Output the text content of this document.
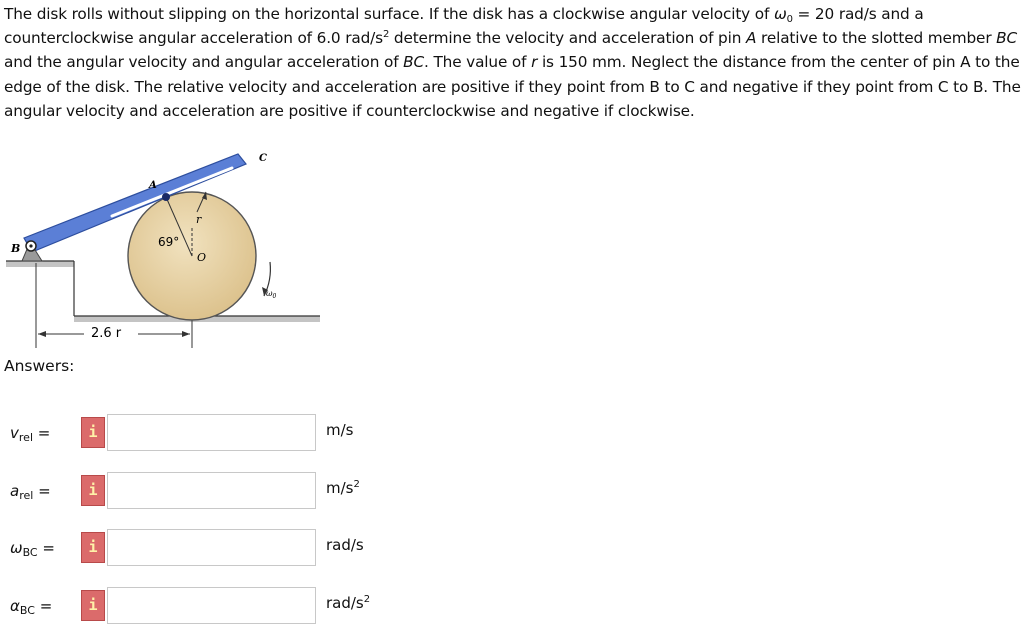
The disk rolls without slipping on the horizontal surface. If the disk has a clockwise angular velocity of $\omega_0 = 20$ rad/s and a counterclockwise angular acceleration of 6.0 rad/$s^2$ determine the velocity and acceleration of pin A relative to the slotted member BC and the angular velocity and angular acceleration of BC. The value of r is 150 mm. Neglect the distance from the center of pin A to the edge of the disk. The relative velocity and acceleration are positive if they point from B to C and negative if they point from C to B. The angular velocity and acceleration are positive if counterclockwise and negative if clockwise.
B
A
C
r
O
69°
$\omega_0$
2.6 r
Answers:
$v_{rel}$ =	i	m/s
$a_{rel}$ =	i	$m/s^2$
$\omega_{BC}$ =	i	rad/s
$\alpha_{BC}$ =	i	rad/$s^2$
